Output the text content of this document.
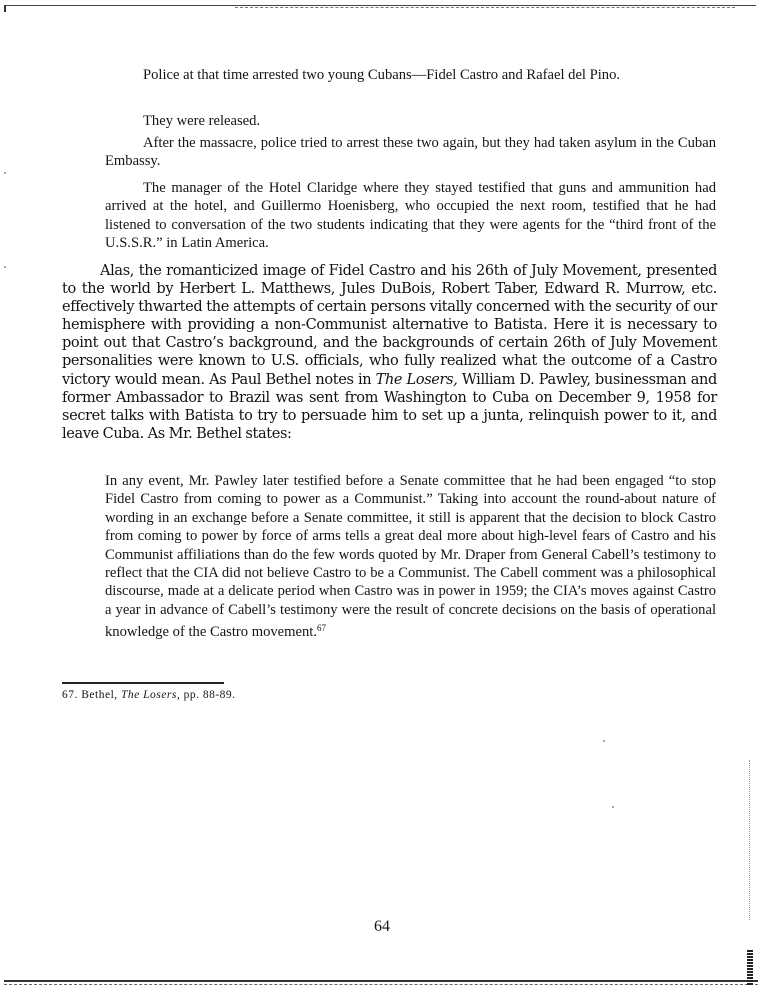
Police at that time arrested two young Cubans—Fidel Castro and Rafael del Pino.

They were released.

After the massacre, police tried to arrest these two again, but they had taken asylum in the Cuban Embassy.

The manager of the Hotel Claridge where they stayed testified that guns and ammunition had arrived at the hotel, and Guillermo Hoenisberg, who occupied the next room, testified that he had listened to conversation of the two students indicating that they were agents for the “third front of the U.S.S.R.” in Latin America.

Alas, the romanticized image of Fidel Castro and his 26th of July Movement, presented to the world by Herbert L. Matthews, Jules DuBois, Robert Taber, Edward R. Murrow, etc. effectively thwarted the attempts of certain persons vitally concerned with the security of our hemisphere with providing a non-Communist alternative to Batista. Here it is necessary to point out that Castro’s background, and the backgrounds of certain 26th of July Movement personalities were known to U.S. officials, who fully realized what the outcome of a Castro victory would mean. As Paul Bethel notes in The Losers, William D. Pawley, businessman and former Ambassador to Brazil was sent from Washington to Cuba on December 9, 1958 for secret talks with Batista to try to persuade him to set up a junta, relinquish power to it, and leave Cuba. As Mr. Bethel states:

In any event, Mr. Pawley later testified before a Senate committee that he had been engaged “to stop Fidel Castro from coming to power as a Communist.” Taking into account the round-about nature of wording in an exchange before a Senate committee, it still is apparent that the decision to block Castro from coming to power by force of arms tells a great deal more about high-level fears of Castro and his Communist affiliations than do the few words quoted by Mr. Draper from General Cabell’s testimony to reflect that the CIA did not believe Castro to be a Communist. The Cabell comment was a philosophical discourse, made at a delicate period when Castro was in power in 1959; the CIA’s moves against Castro a year in advance of Cabell’s testimony were the result of concrete decisions on the basis of operational knowledge of the Castro movement.$^{67}$

67. Bethel, The Losers, pp. 88-89.

64
